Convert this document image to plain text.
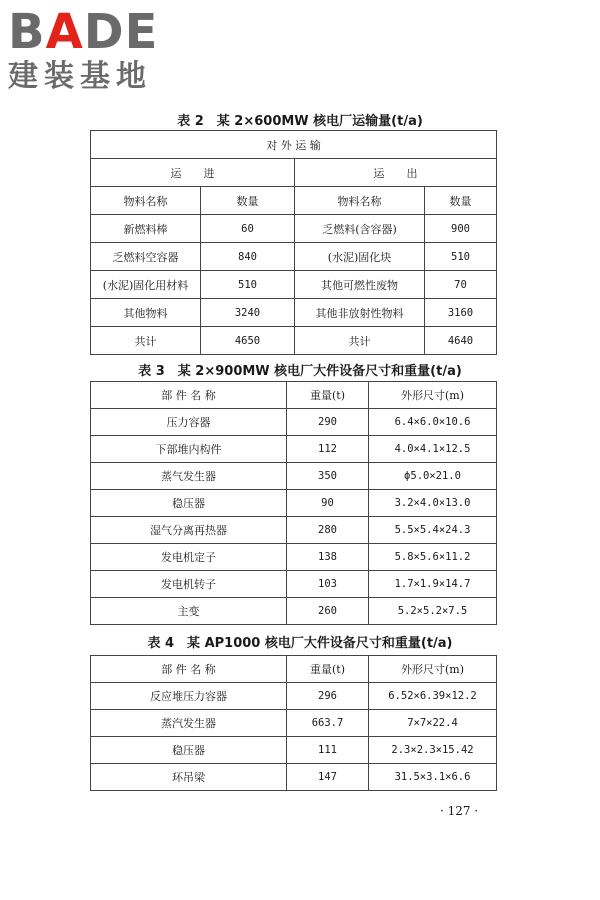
BADE
建装基地
表 2　某 2×600MW 核电厂运输量(t/a)
对 外 运 输			
运　　进		运　　出	
物料名称	数量	物料名称	数量
新燃料棒	60	乏燃料(含容器)	900
乏燃料空容器	840	(水泥)固化块	510
(水泥)固化用材料	510	其他可燃性废物	70
其他物料	3240	其他非放射性物料	3160
共计	4650	共计	4640
表 3　某 2×900MW 核电厂大件设备尺寸和重量(t/a)
部 件 名 称	重量(t)	外形尺寸(m)
压力容器	290	6.4×6.0×10.6
下部堆内构件	112	4.0×4.1×12.5
蒸气发生器	350	ϕ5.0×21.0
稳压器	90	3.2×4.0×13.0
湿气分离再热器	280	5.5×5.4×24.3
发电机定子	138	5.8×5.6×11.2
发电机转子	103	1.7×1.9×14.7
主变	260	5.2×5.2×7.5
表 4　某 AP1000 核电厂大件设备尺寸和重量(t/a)
部 件 名 称	重量(t)	外形尺寸(m)
反应堆压力容器	296	6.52×6.39×12.2
蒸汽发生器	663.7	7×7×22.4
稳压器	111	2.3×2.3×15.42
环吊梁	147	31.5×3.1×6.6
· 127 ·
